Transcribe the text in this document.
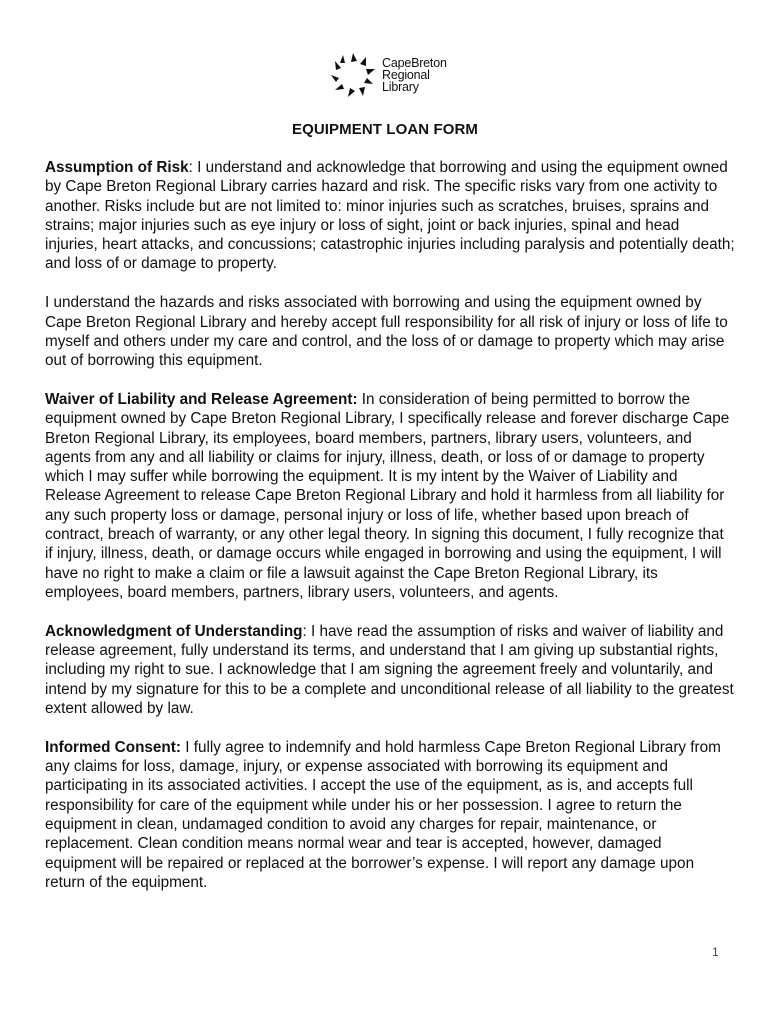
CapeBreton
Regional
Library
EQUIPMENT LOAN FORM

Assumption of Risk: I understand and acknowledge that borrowing and using the equipment owned by Cape Breton Regional Library carries hazard and risk. The specific risks vary from one activity to another. Risks include but are not limited to: minor injuries such as scratches, bruises, sprains and strains; major injuries such as eye injury or loss of sight, joint or back injuries, spinal and head injuries, heart attacks, and concussions; catastrophic injuries including paralysis and potentially death; and loss of or damage to property.

I understand the hazards and risks associated with borrowing and using the equipment owned by Cape Breton Regional Library and hereby accept full responsibility for all risk of injury or loss of life to myself and others under my care and control, and the loss of or damage to property which may arise out of borrowing this equipment.

Waiver of Liability and Release Agreement: In consideration of being permitted to borrow the equipment owned by Cape Breton Regional Library, I specifically release and forever discharge Cape Breton Regional Library, its employees, board members, partners, library users, volunteers, and agents from any and all liability or claims for injury, illness, death, or loss of or damage to property which I may suffer while borrowing the equipment. It is my intent by the Waiver of Liability and Release Agreement to release Cape Breton Regional Library and hold it harmless from all liability for any such property loss or damage, personal injury or loss of life, whether based upon breach of contract, breach of warranty, or any other legal theory. In signing this document, I fully recognize that if injury, illness, death, or damage occurs while engaged in borrowing and using the equipment, I will have no right to make a claim or file a lawsuit against the Cape Breton Regional Library, its employees, board members, partners, library users, volunteers, and agents.

Acknowledgment of Understanding: I have read the assumption of risks and waiver of liability and release agreement, fully understand its terms, and understand that I am giving up substantial rights, including my right to sue. I acknowledge that I am signing the agreement freely and voluntarily, and intend by my signature for this to be a complete and unconditional release of all liability to the greatest extent allowed by law.

Informed Consent: I fully agree to indemnify and hold harmless Cape Breton Regional Library from any claims for loss, damage, injury, or expense associated with borrowing its equipment and participating in its associated activities. I accept the use of the equipment, as is, and accepts full responsibility for care of the equipment while under his or her possession. I agree to return the equipment in clean, undamaged condition to avoid any charges for repair, maintenance, or replacement. Clean condition means normal wear and tear is accepted, however, damaged equipment will be repaired or replaced at the borrower’s expense. I will report any damage upon return of the equipment.

1
